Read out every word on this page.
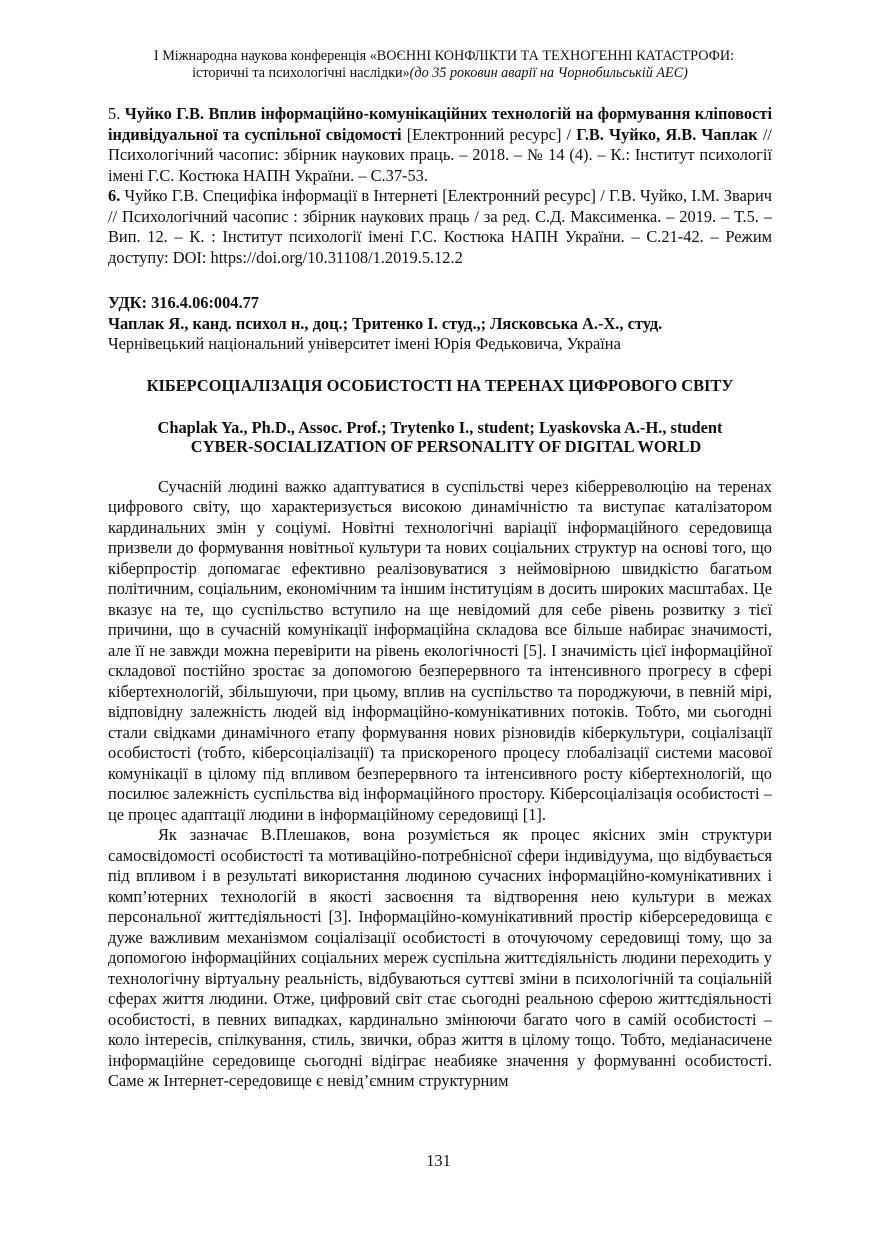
І Міжнародна наукова конференція «ВОЄННІ КОНФЛІКТИ ТА ТЕХНОГЕННІ КАТАСТРОФИ:
історичні та психологічні наслідки»(до 35 роковин аварії на Чорнобильській АЕС)

5. Чуйко Г.В. Вплив інформаційно-комунікаційних технологій на формування кліповості індивідуальної та суспільної свідомості [Електронний ресурс] / Г.В. Чуйко, Я.В. Чаплак // Психологічний часопис: збірник наукових праць. – 2018. – № 14 (4). – К.: Інститут психології імені Г.С. Костюка НАПН України. – С.37-53.

6. Чуйко Г.В. Специфіка інформації в Інтернеті [Електронний ресурс] / Г.В. Чуйко, І.М. Зварич // Психологічний часопис : збірник наукових праць / за ред. С.Д. Максименка. – 2019. – Т.5. – Вип. 12. – К. : Інститут психології імені Г.С. Костюка НАПН України. – С.21-42. – Режим доступу: DOI: https://doi.org/10.31108/1.2019.5.12.2

УДК: 316.4.06:004.77

Чаплак Я., канд. психол н., доц.; Тритенко І. студ.,; Лясковська А.-Х., студ.

Чернівецький національний університет імені Юрія Федьковича, Україна

КІБЕРСОЦІАЛІЗАЦІЯ ОСОБИСТОСТІ НА ТЕРЕНАХ ЦИФРОВОГО СВІТУ
Chaplak Ya., Ph.D., Assoc. Prof.; Trytenko I., student; Lyaskovska A.-H., student
CYBER-SOCIALIZATION OF PERSONALITY OF DIGITAL WORLD

Сучасній людині важко адаптуватися в суспільстві через кіберреволюцію на теренах цифрового світу, що характеризується високою динамічністю та виступає каталізатором кардинальних змін у соціумі. Новітні технологічні варіації інформаційного середовища призвели до формування новітньої культури та нових соціальних структур на основі того, що кіберпростір допомагає ефективно реалізовуватися з неймовірною швидкістю багатьом політичним, соціальним, економічним та іншим інституціям в досить широких масштабах. Це вказує на те, що суспільство вступило на ще невідомий для себе рівень розвитку з тієї причини, що в сучасній комунікації інформаційна складова все більше набирає значимості, але її не завжди можна перевірити на рівень екологічності [5]. І значимість цієї інформаційної складової постійно зростає за допомогою безперервного та інтенсивного прогресу в сфері кібертехнологій, збільшуючи, при цьому, вплив на суспільство та породжуючи, в певній мірі, відповідну залежність людей від інформаційно-комунікативних потоків. Тобто, ми сьогодні стали свідками динамічного етапу формування нових різновидів кіберкультури, соціалізації особистості (тобто, кіберсоціалізації) та прискореного процесу глобалізації системи масової комунікації в цілому під впливом безперервного та інтенсивного росту кібертехнологій, що посилює залежність суспільства від інформаційного простору. Кіберсоціалізація особистості – це процес адаптації людини в інформаційному середовищі [1].

Як зазначає В.Плешаков, вона розуміється як процес якісних змін структури самосвідомості особистості та мотиваційно-потребнісної сфери індивідуума, що відбувається під впливом і в результаті використання людиною сучасних інформаційно-комунікативних і комп’ютерних технологій в якості засвоєння та відтворення нею культури в межах персональної життєдіяльності [3]. Інформаційно-комунікативний простір кіберсередовища є дуже важливим механізмом соціалізації особистості в оточуючому середовищі тому, що за допомогою інформаційних соціальних мереж суспільна життєдіяльність людини переходить у технологічну віртуальну реальність, відбуваються суттєві зміни в психологічній та соціальній сферах життя людини. Отже, цифровий світ стає сьогодні реальною сферою життєдіяльності особистості, в певних випадках, кардинально змінюючи багато чого в самій особистості – коло інтересів, спілкування, стиль, звички, образ життя в цілому тощо. Тобто, медіанасичене інформаційне середовище сьогодні відіграє неабияке значення у формуванні особистості. Саме ж Інтернет-середовище є невід’ємним структурним

131
